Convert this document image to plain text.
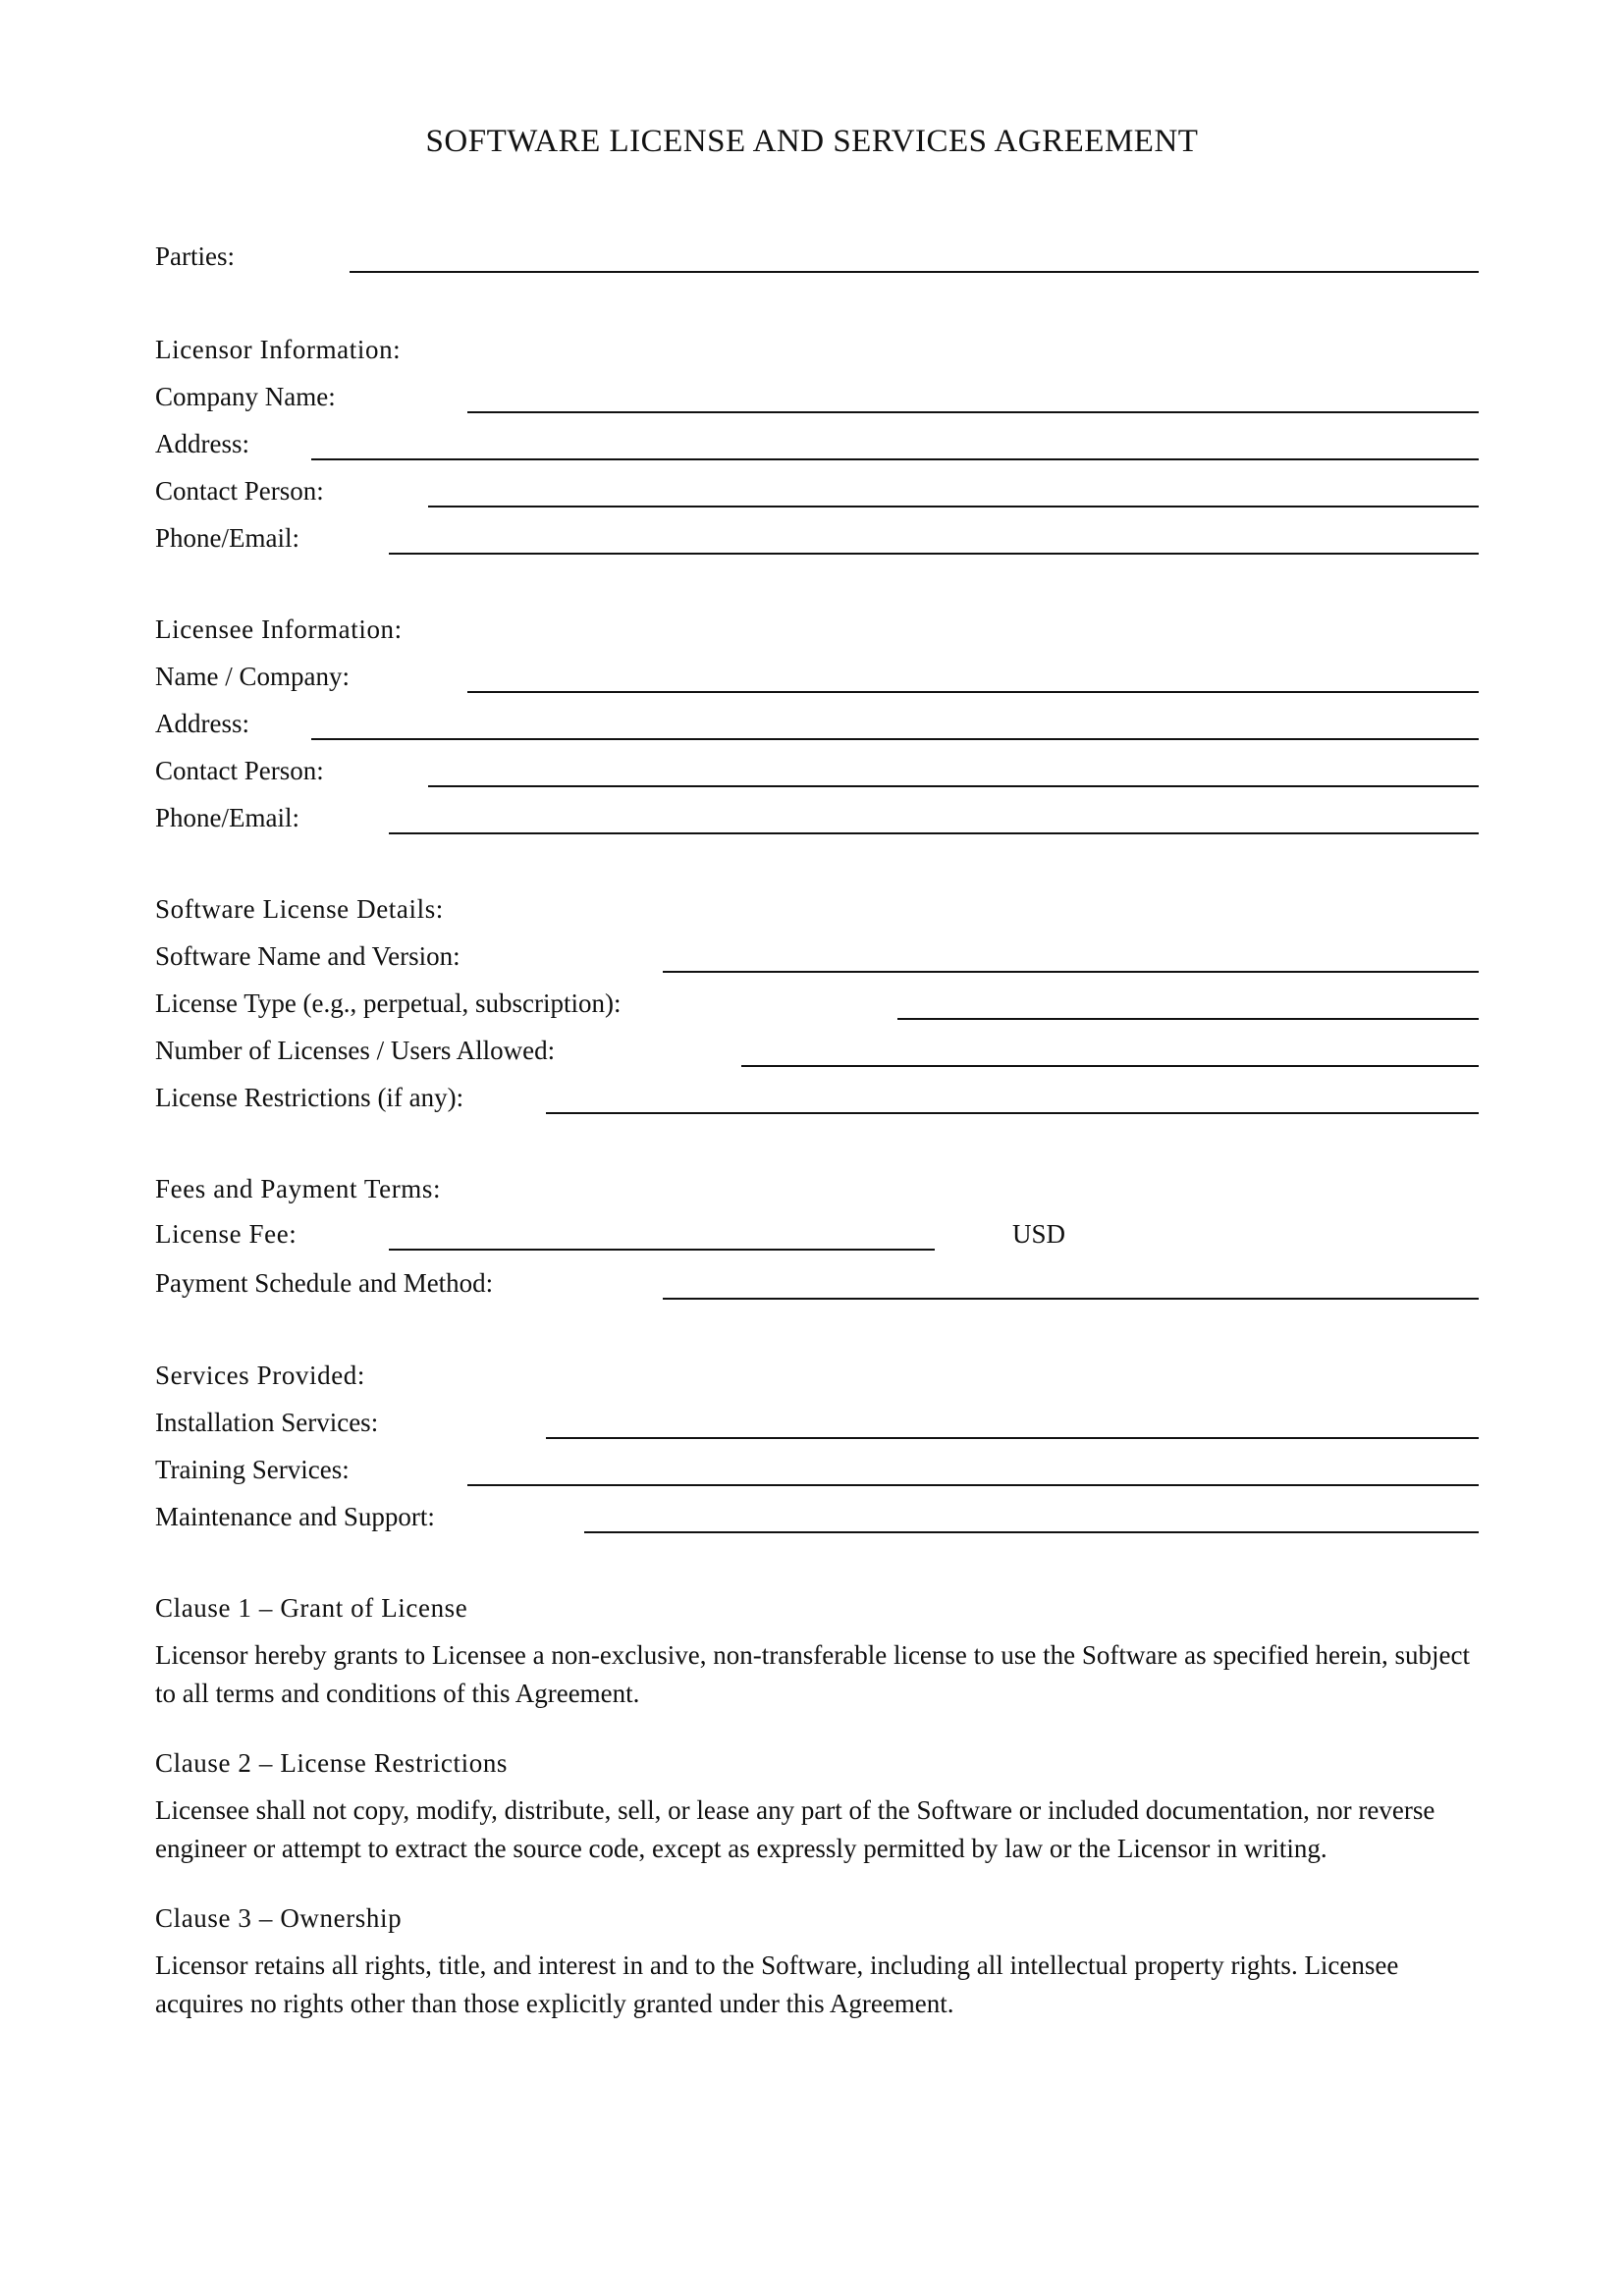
SOFTWARE LICENSE AND SERVICES AGREEMENT
Parties:
Licensor Information:
Company Name:
Address:
Contact Person:
Phone/Email:
Licensee Information:
Name / Company:
Address:
Contact Person:
Phone/Email:
Software License Details:
Software Name and Version:
License Type (e.g., perpetual, subscription):
Number of Licenses / Users Allowed:
License Restrictions (if any):
Fees and Payment Terms:
License Fee:	USD
Payment Schedule and Method:
Services Provided:
Installation Services:
Training Services:
Maintenance and Support:
Clause 1 – Grant of License
Licensor hereby grants to Licensee a non-exclusive, non-transferable license to use the Software as specified herein, subject to all terms and conditions of this Agreement.
Clause 2 – License Restrictions
Licensee shall not copy, modify, distribute, sell, or lease any part of the Software or included documentation, nor reverse engineer or attempt to extract the source code, except as expressly permitted by law or the Licensor in writing.
Clause 3 – Ownership
Licensor retains all rights, title, and interest in and to the Software, including all intellectual property rights. Licensee acquires no rights other than those explicitly granted under this Agreement.
